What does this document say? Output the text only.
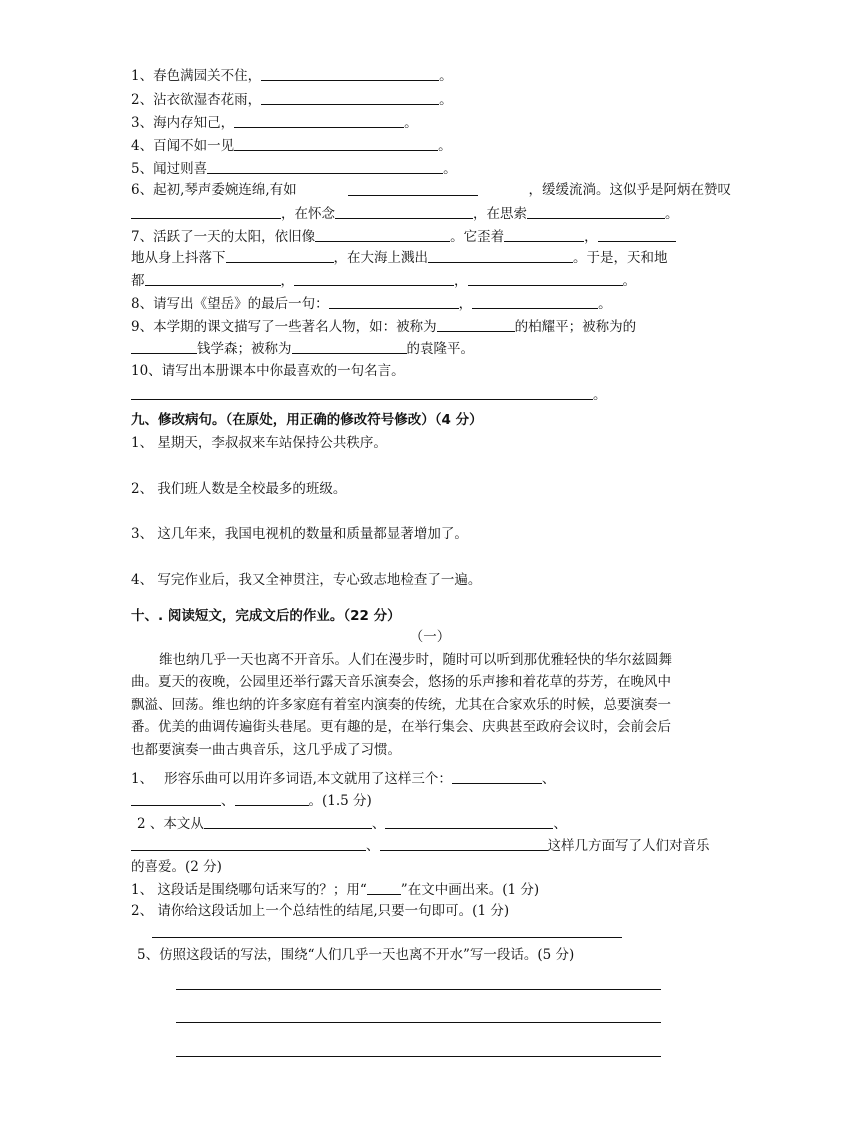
1、春色满园关不住，	。
2、沾衣欲湿杏花雨，	。
3、海内存知己，	。
4、百闻不如一见	。
5、闻过则喜	。
6、起初,琴声委婉连绵,有如	，缓缓流淌。这似乎是阿炳在赞叹
，在怀念	，在思索	。
7、活跃了一天的太阳，依旧像	。它歪着	，
地从身上抖落下	，在大海上溅出	。于是，天和地
都	，	，	。
8、请写出《望岳》的最后一句：	，	。
9、本学期的课文描写了一些著名人物，如：被称为	的柏耀平；被称为的
钱学森；被称为	的袁隆平。
10、请写出本册课本中你最喜欢的一句名言。
。
九、修改病句。（在原处，用正确的修改符号修改）（4 分）
1、 星期天，李叔叔来车站保持公共秩序。
2、 我们班人数是全校最多的班级。
3、 这几年来，我国电视机的数量和质量都显著增加了。
4、 写完作业后，我又全神贯注，专心致志地检查了一遍。
十、. 阅读短文，完成文后的作业。（22 分）
（一）
维也纳几乎一天也离不开音乐。人们在漫步时，随时可以听到那优雅轻快的华尔兹圆舞
曲。夏天的夜晚，公园里还举行露天音乐演奏会，悠扬的乐声掺和着花草的芬芳，在晚风中
飘溢、回荡。维也纳的许多家庭有着室内演奏的传统，尤其在合家欢乐的时候，总要演奏一
番。优美的曲调传遍街头巷尾。更有趣的是，在举行集会、庆典甚至政府会议时，会前会后
也都要演奏一曲古典音乐，这几乎成了习惯。
1、　 形容乐曲可以用许多词语,本文就用了这样三个：	、
、	。(1.5 分)
2 、本文从	、	、
、	这样几方面写了人们对音乐
的喜爱。(2 分)
1、 这段话是围绕哪句话来写的？；用“	”在文中画出来。(1 分)
2、 请你给这段话加上一个总结性的结尾,只要一句即可。(1 分)
5、仿照这段话的写法，围绕“人们几乎一天也离不开水”写一段话。(5 分)
